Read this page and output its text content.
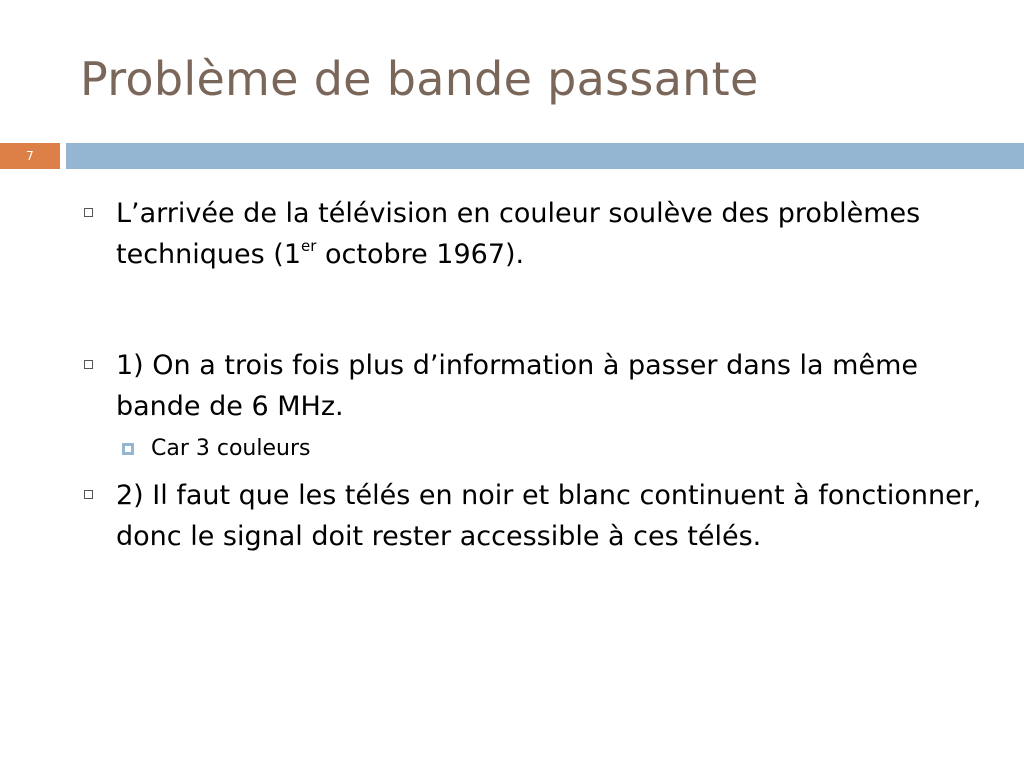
Problème de bande passante
7
L’arrivée de la télévision en couleur soulève des problèmes techniques (1er octobre 1967).
1) On a trois fois plus d’information à passer dans la même bande de 6 MHz.
Car 3 couleurs
2) Il faut que les télés en noir et blanc continuent à fonctionner, donc le signal doit rester accessible à ces télés.
